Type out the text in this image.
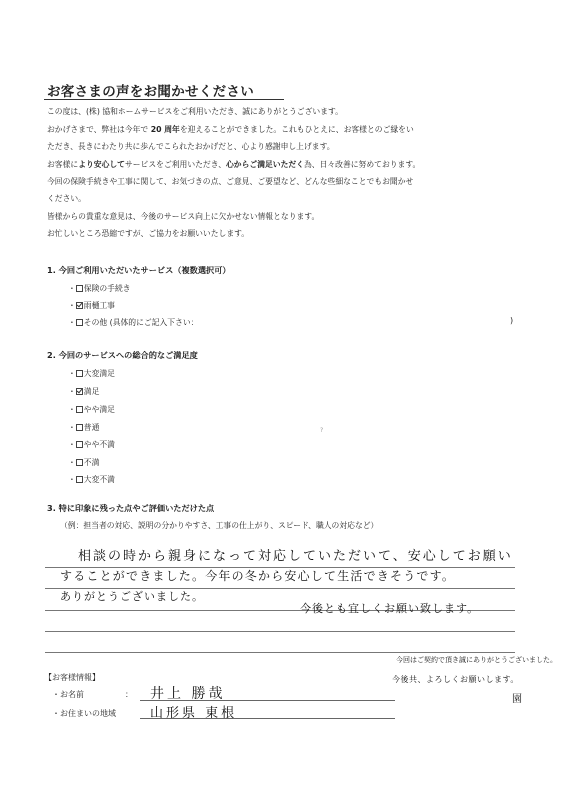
お客さまの声をお聞かせください
この度は、(株) 協和ホームサービスをご利用いただき、誠にありがとうございます。
おかげさまで、弊社は今年で 20 周年を迎えることができました。これもひとえに、お客様とのご縁をい
ただき、長きにわたり共に歩んでこられたおかげだと、心より感謝申し上げます。
お客様により安心してサービスをご利用いただき、心からご満足いただく為、日々改善に努めております。
今回の保険手続きや工事に関して、お気づきの点、ご意見、ご要望など、どんな些細なことでもお聞かせ
ください。
皆様からの貴重な意見は、今後のサービス向上に欠かせない情報となります。
お忙しいところ恐縮ですが、ご協力をお願いいたします。
1. 今回ご利用いただいたサービス（複数選択可）
・ 保険の手続き
・ 雨樋工事
・ その他 (具体的にご記入下さい：	)
2. 今回のサービスへの総合的なご満足度
・ 大変満足
・ 満足
・ やや満足
・ 普通
・ やや不満
・ 不満
・ 大変不満
?
3. 特に印象に残った点やご評価いただけた点
（例：担当者の対応、説明の分かりやすさ、工事の仕上がり、スピード、職人の対応など）
相談の時から親身になって対応していただいて、安心してお願い
することができました。今年の冬から安心して生活できそうです。
ありがとうございました。
今後とも宜しくお願い致します。
今回はご契約で頂き誠にありがとうございました。
今後共、よろしくお願いします。
園
【お客様情報】
・お名前	： 井上 勝哉
・お住まいの地域	山形県 東根
